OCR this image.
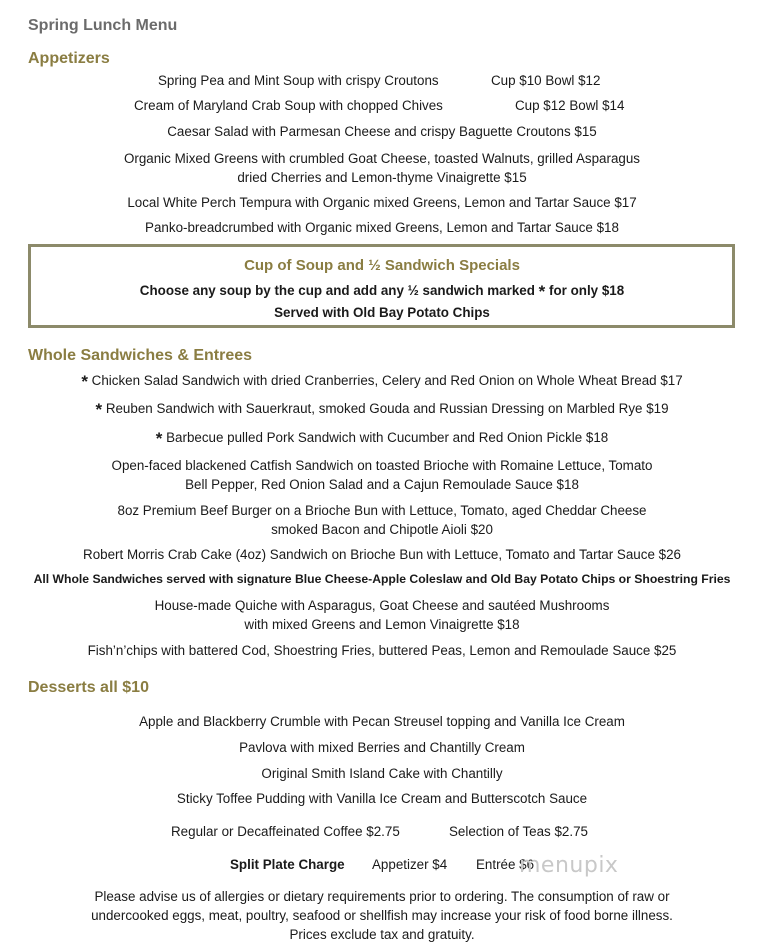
Spring Lunch Menu
Appetizers
Spring Pea and Mint Soup with crispy Croutons	Cup $10 Bowl $12
Cream of Maryland Crab Soup with chopped Chives	Cup $12 Bowl $14
Caesar Salad with Parmesan Cheese and crispy Baguette Croutons $15
Organic Mixed Greens with crumbled Goat Cheese, toasted Walnuts, grilled Asparagus
dried Cherries and Lemon-thyme Vinaigrette $15
Local White Perch Tempura with Organic mixed Greens, Lemon and Tartar Sauce $17
Panko-breadcrumbed with Organic mixed Greens, Lemon and Tartar Sauce $18
Cup of Soup and ½ Sandwich Specials
Choose any soup by the cup and add any ½ sandwich marked * for only $18
Served with Old Bay Potato Chips
Whole Sandwiches & Entrees
* Chicken Salad Sandwich with dried Cranberries, Celery and Red Onion on Whole Wheat Bread $17
* Reuben Sandwich with Sauerkraut, smoked Gouda and Russian Dressing on Marbled Rye $19
* Barbecue pulled Pork Sandwich with Cucumber and Red Onion Pickle $18
Open-faced blackened Catfish Sandwich on toasted Brioche with Romaine Lettuce, Tomato
Bell Pepper, Red Onion Salad and a Cajun Remoulade Sauce $18
8oz Premium Beef Burger on a Brioche Bun with Lettuce, Tomato, aged Cheddar Cheese
smoked Bacon and Chipotle Aioli $20
Robert Morris Crab Cake (4oz) Sandwich on Brioche Bun with Lettuce, Tomato and Tartar Sauce $26
All Whole Sandwiches served with signature Blue Cheese-Apple Coleslaw and Old Bay Potato Chips or Shoestring Fries
House-made Quiche with Asparagus, Goat Cheese and sautéed Mushrooms
with mixed Greens and Lemon Vinaigrette $18
Fish’n’chips with battered Cod, Shoestring Fries, buttered Peas, Lemon and Remoulade Sauce $25
Desserts all $10
Apple and Blackberry Crumble with Pecan Streusel topping and Vanilla Ice Cream
Pavlova with mixed Berries and Chantilly Cream
Original Smith Island Cake with Chantilly
Sticky Toffee Pudding with Vanilla Ice Cream and Butterscotch Sauce
Regular or Decaffeinated Coffee $2.75	Selection of Teas $2.75
Split Plate Charge Appetizer $4 Entrée $6
menupix
Please advise us of allergies or dietary requirements prior to ordering. The consumption of raw or
undercooked eggs, meat, poultry, seafood or shellfish may increase your risk of food borne illness.
Prices exclude tax and gratuity.
